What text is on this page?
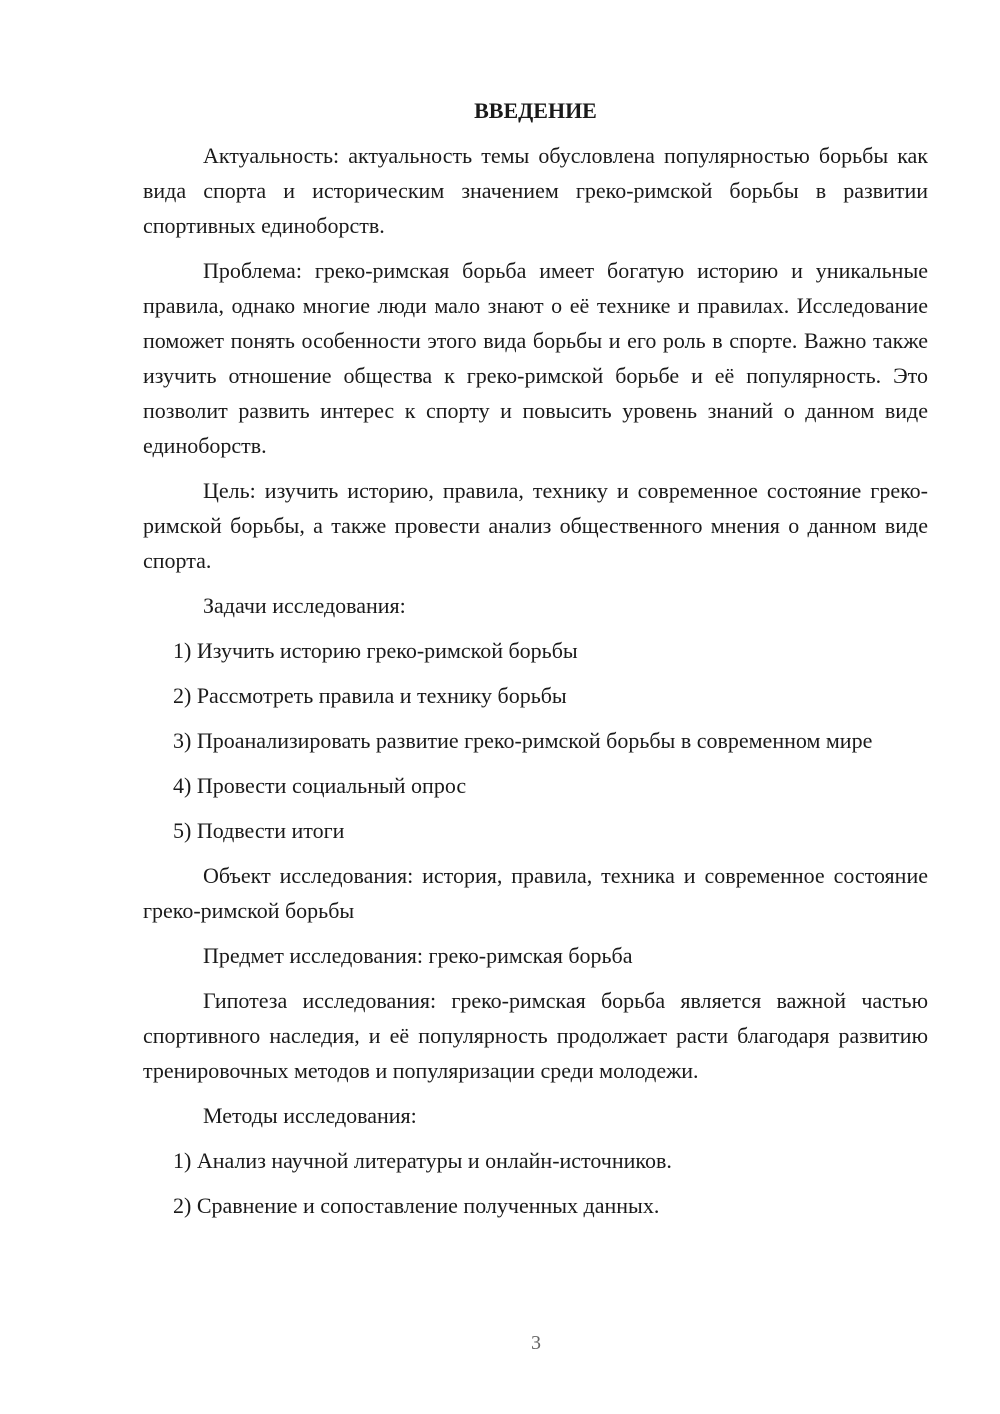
ВВЕДЕНИЕ

Актуальность: актуальность темы обусловлена популярностью борьбы как вида спорта и историческим значением греко-римской борьбы в развитии спортивных единоборств.

Проблема: греко-римская борьба имеет богатую историю и уникальные правила, однако многие люди мало знают о её технике и правилах. Исследование поможет понять особенности этого вида борьбы и его роль в спорте. Важно также изучить отношение общества к греко-римской борьбе и её популярность. Это позволит развить интерес к спорту и повысить уровень знаний о данном виде единоборств.

Цель: изучить историю, правила, технику и современное состояние греко-римской борьбы, а также провести анализ общественного мнения о данном виде спорта.

Задачи исследования:

1) Изучить историю греко-римской борьбы

2) Рассмотреть правила и технику борьбы

3) Проанализировать развитие греко-римской борьбы в современном мире

4) Провести социальный опрос

5) Подвести итоги

Объект исследования: история, правила, техника и современное состояние греко-римской борьбы

Предмет исследования: греко-римская борьба

Гипотеза исследования: греко-римская борьба является важной частью спортивного наследия, и её популярность продолжает расти благодаря развитию тренировочных методов и популяризации среди молодежи.

Методы исследования:

1) Анализ научной литературы и онлайн-источников.

2) Сравнение и сопоставление полученных данных.

3
